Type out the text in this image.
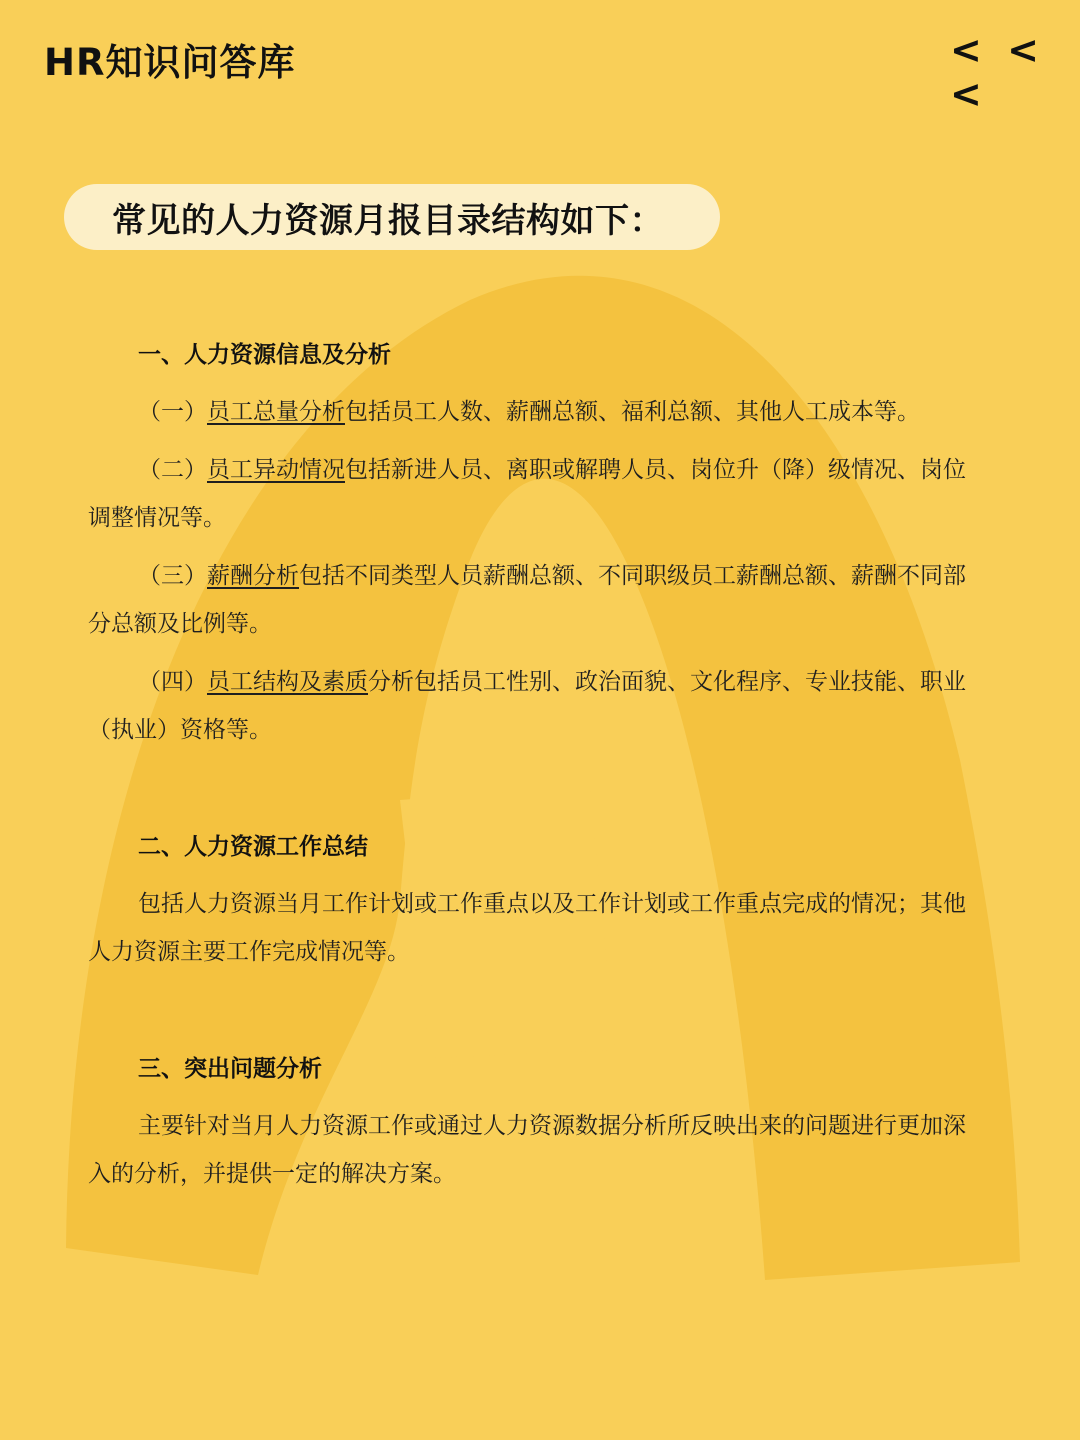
HR知识问答库	< < <
常见的人力资源月报目录结构如下：
一、人力资源信息及分析
（一）员工总量分析包括员工人数、薪酬总额、福利总额、其他人工成本等。
（二）员工异动情况包括新进人员、离职或解聘人员、岗位升（降）级情况、岗位
调整情况等。
（三）薪酬分析包括不同类型人员薪酬总额、不同职级员工薪酬总额、薪酬不同部
分总额及比例等。
（四）员工结构及素质分析包括员工性别、政治面貌、文化程序、专业技能、职业
（执业）资格等。
二、人力资源工作总结
包括人力资源当月工作计划或工作重点以及工作计划或工作重点完成的情况；其他
人力资源主要工作完成情况等。
三、突出问题分析
主要针对当月人力资源工作或通过人力资源数据分析所反映出来的问题进行更加深
入的分析，并提供一定的解决方案。
